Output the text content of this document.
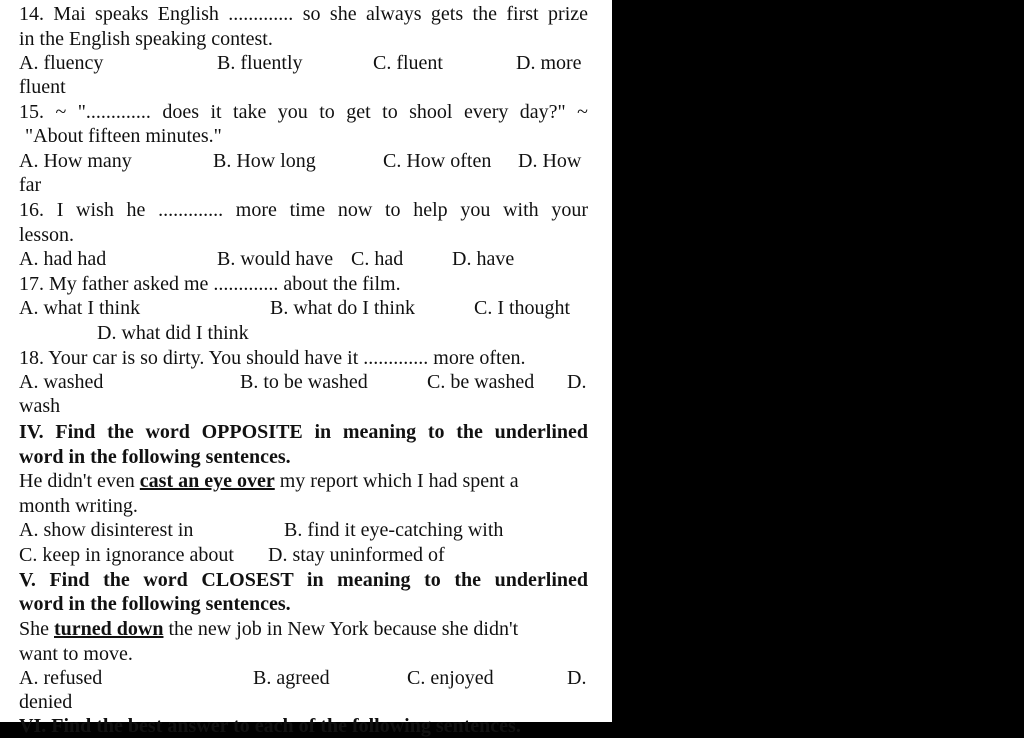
14. Mai speaks English ............. so she always gets the first prize
in the English speaking contest.
A. fluency	B. fluently	C. fluent	D. more
fluent
15. ~ "............. does it take you to get to shool every day?" ~
"About fifteen minutes."
A. How many	B. How long	C. How often D. How
far
16. I wish he ............. more time now to help you with your
lesson.
A. had had	B. would have C. had D. have
17. My father asked me ............. about the film.
A. what I think	B. what do I think	C. I thought
D. what did I think
18. Your car is so dirty. You should have it ............. more often.
A. washed	B. to be washed	C. be washed D.
wash
IV. Find the word OPPOSITE in meaning to the underlined
word in the following sentences.
He didn't even cast an eye over my report which I had spent a
month writing.
A. show disinterest in	B. find it eye-catching with
C. keep in ignorance about D. stay uninformed of
V. Find the word CLOSEST in meaning to the underlined
word in the following sentences.
She turned down the new job in New York because she didn't
want to move.
A. refused	B. agreed	C. enjoyed	D.
denied
VI. Find the best answer to each of the following sentences.
